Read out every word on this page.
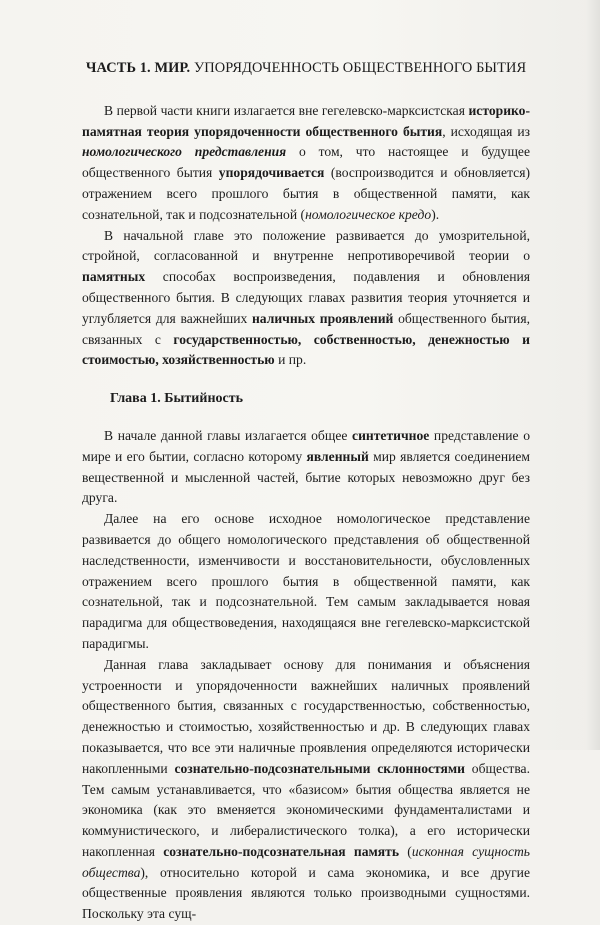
ЧАСТЬ 1. МИР. УПОРЯДОЧЕННОСТЬ ОБЩЕСТВЕННОГО БЫТИЯ

В первой части книги излагается вне гегелевско-марксистская историко-памятная теория упорядоченности общественного бытия, исходящая из номологического представления о том, что настоящее и будущее общественного бытия упорядочивается (воспроизводится и обновляется) отражением всего прошлого бытия в общественной памяти, как сознательной, так и подсознательной (номологическое кредо).

В начальной главе это положение развивается до умозрительной, стройной, согласованной и внутренне непротиворечивой теории о памятных способах воспроизведения, подавления и обновления общественного бытия. В следующих главах развития теория уточняется и углубляется для важнейших наличных проявлений общественного бытия, связанных с государственностью, собственностью, денежностью и стоимостью, хозяйственностью и пр.

Глава 1. Бытийность

В начале данной главы излагается общее синтетичное представление о мире и его бытии, согласно которому явленный мир является соединением вещественной и мысленной частей, бытие которых невозможно друг без друга.

Далее на его основе исходное номологическое представление развивается до общего номологического представления об общественной наследственности, изменчивости и восстановительности, обусловленных отражением всего прошлого бытия в общественной памяти, как сознательной, так и подсознательной. Тем самым закладывается новая парадигма для обществоведения, находящаяся вне гегелевско-марксистской парадигмы.

Данная глава закладывает основу для понимания и объяснения устроенности и упорядоченности важнейших наличных проявлений общественного бытия, связанных с государственностью, собственностью, денежностью и стоимостью, хозяйственностью и др. В следующих главах показывается, что все эти наличные проявления определяются исторически накопленными сознательно-подсознательными склонностями общества. Тем самым устанавливается, что «базисом» бытия общества является не экономика (как это вменяется экономическими фундаменталистами и коммунистического, и либералистического толка), а его исторически накопленная сознательно-подсознательная память (исконная сущность общества), относительно которой и сама экономика, и все другие общественные проявления являются только производными сущностями. Поскольку эта сущ-
